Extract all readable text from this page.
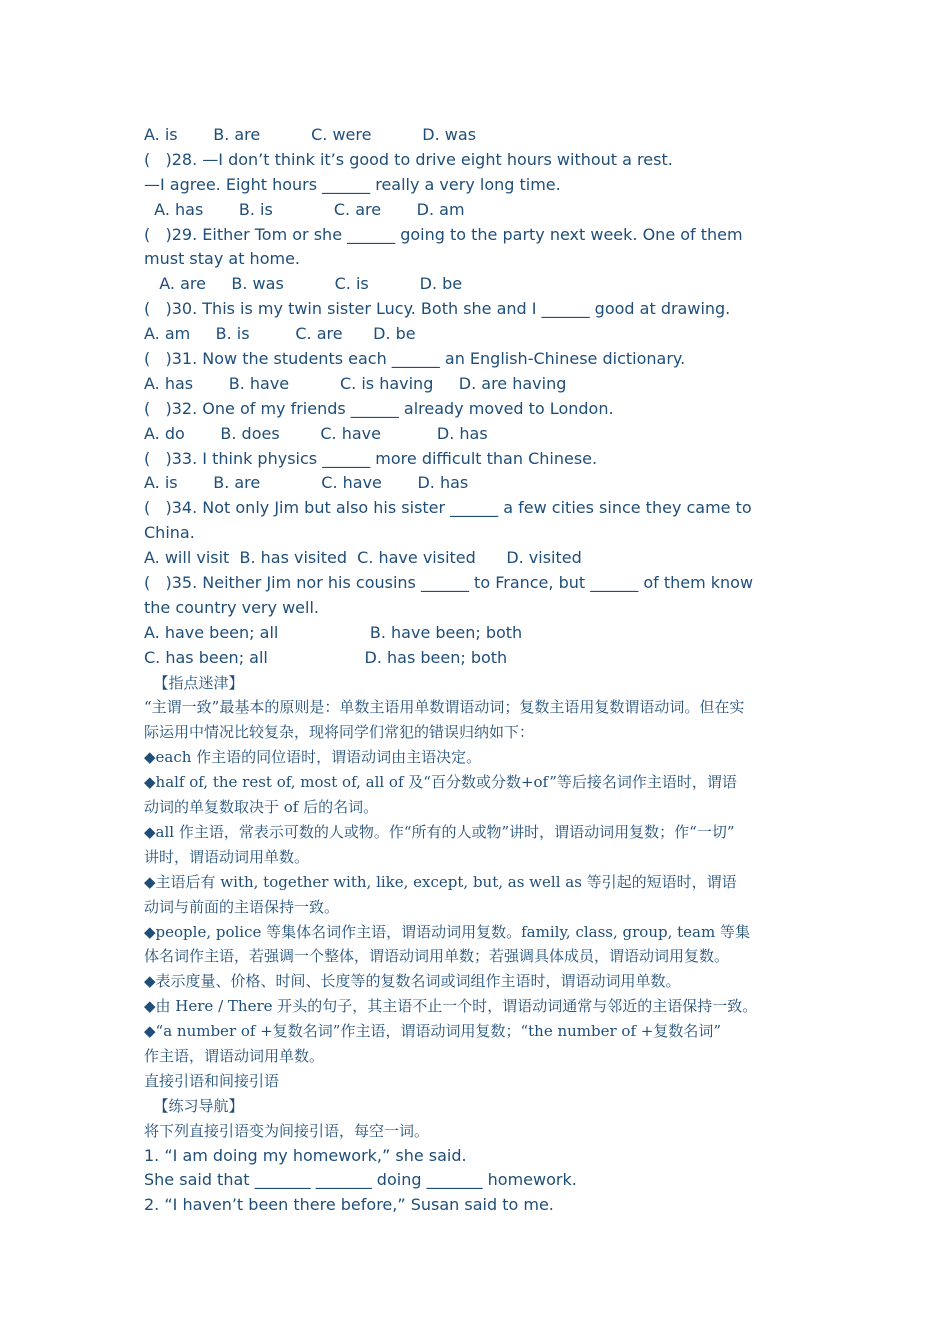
A. is       B. are          C. were          D. was
(   )28. —I don’t think it’s good to drive eight hours without a rest.
—I agree. Eight hours ______ really a very long time.
A. has       B. is            C. are       D. am
(   )29. Either Tom or she ______ going to the party next week. One of them
must stay at home.
A. are     B. was          C. is          D. be
(   )30. This is my twin sister Lucy. Both she and I ______ good at drawing.
A. am     B. is         C. are      D. be
(   )31. Now the students each ______ an English-Chinese dictionary.
A. has       B. have          C. is having     D. are having
(   )32. One of my friends ______ already moved to London.
A. do       B. does        C. have           D. has
(   )33. I think physics ______ more difficult than Chinese.
A. is       B. are            C. have       D. has
(   )34. Not only Jim but also his sister ______ a few cities since they came to
China.
A. will visit  B. has visited  C. have visited      D. visited
(   )35. Neither Jim nor his cousins ______ to France, but ______ of them know
the country very well.
A. have been; all                  B. have been; both
C. has been; all                   D. has been; both
【指点迷津】
“主谓一致”最基本的原则是：单数主语用单数谓语动词；复数主语用复数谓语动词。但在实
际运用中情况比较复杂，现将同学们常犯的错误归纳如下：
◆each 作主语的同位语时，谓语动词由主语决定。
◆half of, the rest of, most of, all of 及“百分数或分数+of”等后接名词作主语时，谓语
动词的单复数取决于 of 后的名词。
◆all 作主语，常表示可数的人或物。作“所有的人或物”讲时，谓语动词用复数；作“一切”
讲时，谓语动词用单数。
◆主语后有 with, together with, like, except, but, as well as 等引起的短语时，谓语
动词与前面的主语保持一致。
◆people, police 等集体名词作主语，谓语动词用复数。family, class, group, team 等集
体名词作主语，若强调一个整体，谓语动词用单数；若强调具体成员，谓语动词用复数。
◆表示度量、价格、时间、长度等的复数名词或词组作主语时，谓语动词用单数。
◆由 Here / There 开头的句子，其主语不止一个时，谓语动词通常与邻近的主语保持一致。
◆“a number of +复数名词”作主语，谓语动词用复数；“the number of +复数名词”
作主语，谓语动词用单数。
直接引语和间接引语
【练习导航】
将下列直接引语变为间接引语，每空一词。
1. “I am doing my homework,” she said.
She said that _______ _______ doing _______ homework.
2. “I haven’t been there before,” Susan said to me.
